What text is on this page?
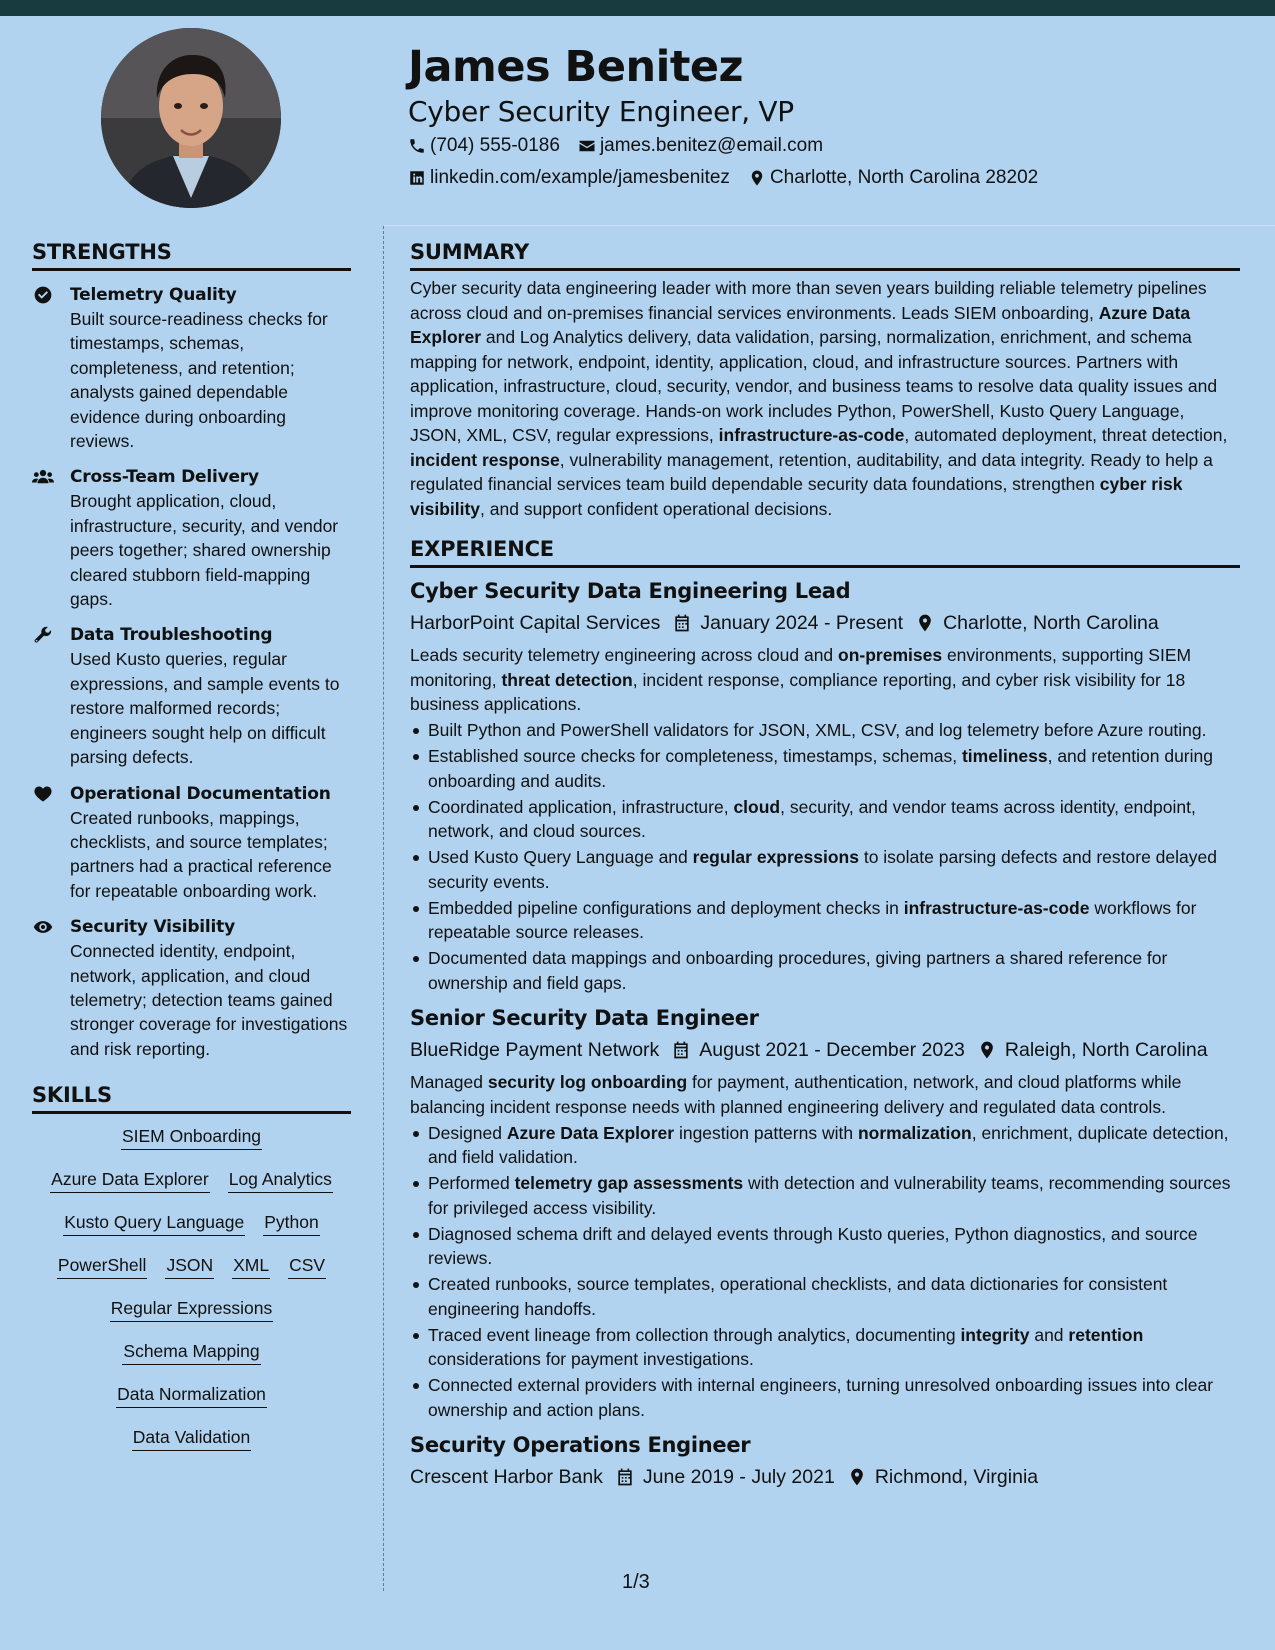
James Benitez
Cyber Security Engineer, VP
(704) 555-0186 james.benitez@email.com
linkedin.com/example/jamesbenitez Charlotte, North Carolina 28202
STRENGTHS
Telemetry Quality
Built source-readiness checks for timestamps, schemas, completeness, and retention; analysts gained dependable evidence during onboarding reviews.
Cross-Team Delivery
Brought application, cloud, infrastructure, security, and vendor peers together; shared ownership cleared stubborn field-mapping gaps.
Data Troubleshooting
Used Kusto queries, regular expressions, and sample events to restore malformed records; engineers sought help on difficult parsing defects.
Operational Documentation
Created runbooks, mappings, checklists, and source templates; partners had a practical reference for repeatable onboarding work.
Security Visibility
Connected identity, endpoint, network, application, and cloud telemetry; detection teams gained stronger coverage for investigations and risk reporting.
SKILLS
SIEM Onboarding
Azure Data Explorer Log Analytics
Kusto Query Language Python
PowerShell JSON XML CSV
Regular Expressions
Schema Mapping
Data Normalization
Data Validation
SUMMARY

Cyber security data engineering leader with more than seven years building reliable telemetry pipelines across cloud and on-premises financial services environments. Leads SIEM onboarding, Azure Data Explorer and Log Analytics delivery, data validation, parsing, normalization, enrichment, and schema mapping for network, endpoint, identity, application, cloud, and infrastructure sources. Partners with application, infrastructure, cloud, security, vendor, and business teams to resolve data quality issues and improve monitoring coverage. Hands-on work includes Python, PowerShell, Kusto Query Language, JSON, XML, CSV, regular expressions, infrastructure-as-code, automated deployment, threat detection, incident response, vulnerability management, retention, auditability, and data integrity. Ready to help a regulated financial services team build dependable security data foundations, strengthen cyber risk visibility, and support confident operational decisions.

EXPERIENCE
Cyber Security Data Engineering Lead
HarborPoint Capital Services January 2024 - Present Charlotte, North Carolina

Leads security telemetry engineering across cloud and on-premises environments, supporting SIEM monitoring, threat detection, incident response, compliance reporting, and cyber risk visibility for 18 business applications.

Built Python and PowerShell validators for JSON, XML, CSV, and log telemetry before Azure routing.
Established source checks for completeness, timestamps, schemas, timeliness, and retention during onboarding and audits.
Coordinated application, infrastructure, cloud, security, and vendor teams across identity, endpoint, network, and cloud sources.
Used Kusto Query Language and regular expressions to isolate parsing defects and restore delayed security events.
Embedded pipeline configurations and deployment checks in infrastructure-as-code workflows for repeatable source releases.
Documented data mappings and onboarding procedures, giving partners a shared reference for ownership and field gaps.
Senior Security Data Engineer
BlueRidge Payment Network August 2021 - December 2023 Raleigh, North Carolina

Managed security log onboarding for payment, authentication, network, and cloud platforms while balancing incident response needs with planned engineering delivery and regulated data controls.

Designed Azure Data Explorer ingestion patterns with normalization, enrichment, duplicate detection, and field validation.
Performed telemetry gap assessments with detection and vulnerability teams, recommending sources for privileged access visibility.
Diagnosed schema drift and delayed events through Kusto queries, Python diagnostics, and source reviews.
Created runbooks, source templates, operational checklists, and data dictionaries for consistent engineering handoffs.
Traced event lineage from collection through analytics, documenting integrity and retention considerations for payment investigations.
Connected external providers with internal engineers, turning unresolved onboarding issues into clear ownership and action plans.
Security Operations Engineer
Crescent Harbor Bank June 2019 - July 2021 Richmond, Virginia
1/3
